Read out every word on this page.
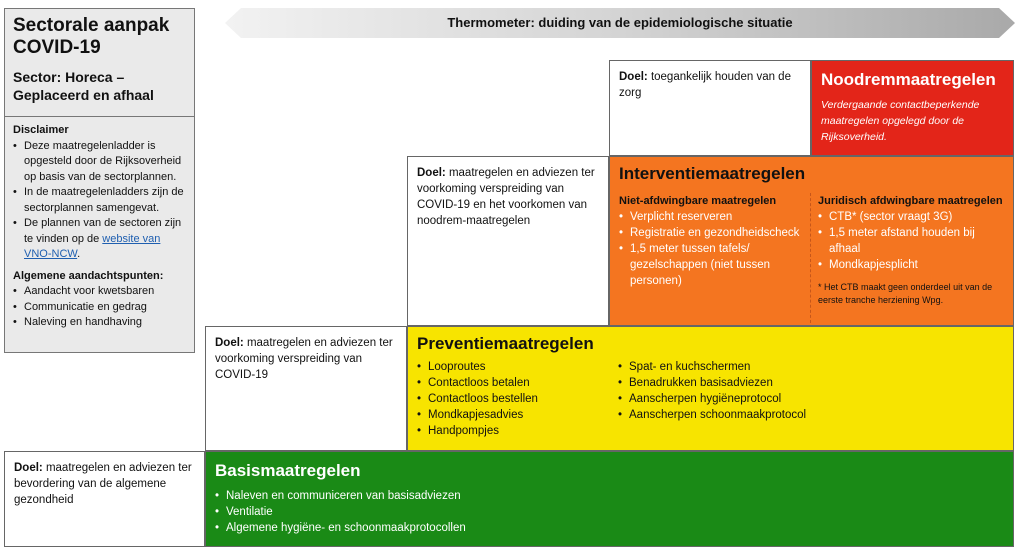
Thermometer: duiding van de epidemiologische situatie
Sectorale aanpak COVID-19
Sector: Horeca – Geplaceerd en afhaal
Disclaimer
• Deze maatregelenladder is opgesteld door de Rijksoverheid op basis van de sectorplannen.
• In de maatregelenladders zijn de sectorplannen samengevat.
• De plannen van de sectoren zijn te vinden op de website van VNO-NCW.
Algemene aandachtspunten:
• Aandacht voor kwetsbaren
• Communicatie en gedrag
• Naleving en handhaving
Doel: toegankelijk houden van de zorg
Doel: maatregelen en adviezen ter voorkoming verspreiding van COVID-19 en het voorkomen van noodrem-maatregelen
Doel: maatregelen en adviezen ter voorkoming verspreiding van COVID-19
Doel: maatregelen en adviezen ter bevordering van de algemene gezondheid
Noodremmaatregelen
Verdergaande contactbeperkende maatregelen opgelegd door de Rijksoverheid.
Interventiemaatregelen
Niet-afdwingbare maatregelen
• Verplicht reserveren
• Registratie en gezondheidscheck
• 1,5 meter tussen tafels/ gezelschappen (niet tussen personen)
Juridisch afdwingbare maatregelen
• CTB* (sector vraagt 3G)
• 1,5 meter afstand houden bij afhaal
• Mondkapjesplicht
* Het CTB maakt geen onderdeel uit van de eerste tranche herziening Wpg.
Preventiemaatregelen
• Looproutes
• Contactloos betalen
• Contactloos bestellen
• Mondkapjesadvies
• Handpompjes
• Spat- en kuchschermen
• Benadrukken basisadviezen
• Aanscherpen hygiëneprotocol
• Aanscherpen schoonmaakprotocol
Basismaatregelen
• Naleven en communiceren van basisadviezen
• Ventilatie
• Algemene hygiëne- en schoonmaakprotocollen
